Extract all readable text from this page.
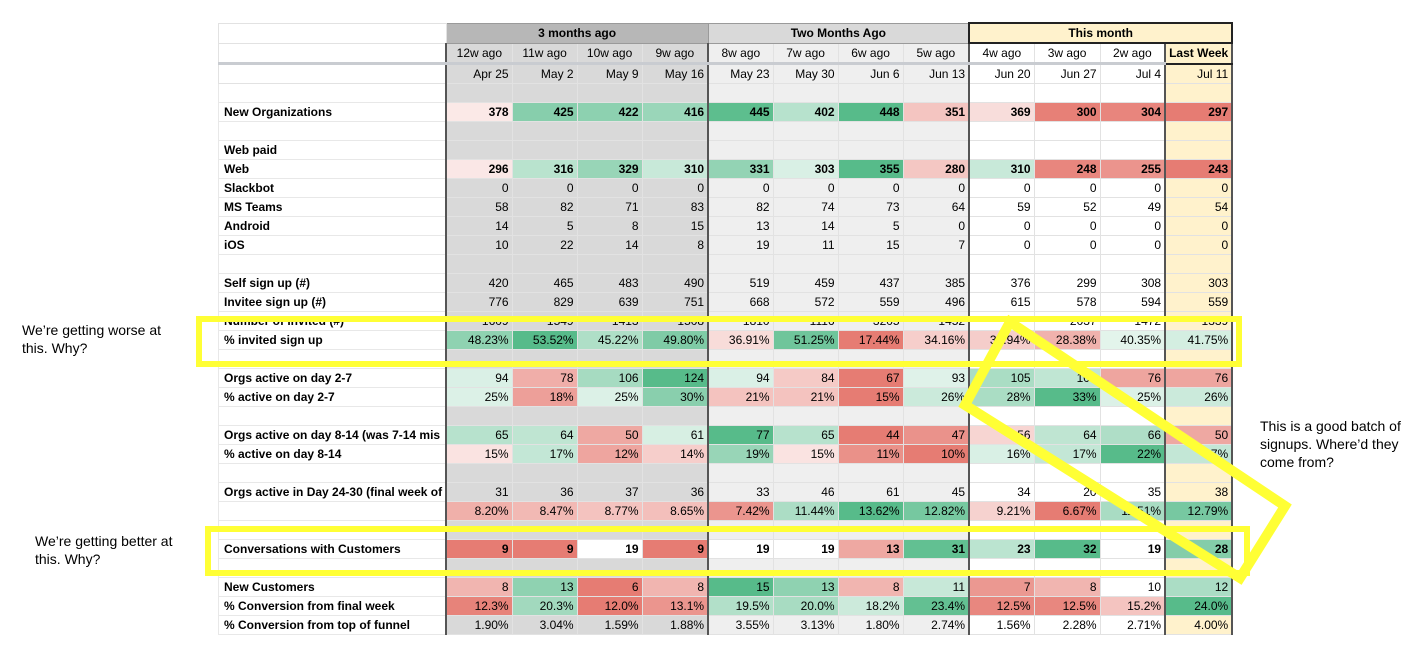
	3 months ago				Two Months Ago				This month			
	12w ago	11w ago	10w ago	9w ago	8w ago	7w ago	6w ago	5w ago	4w ago	3w ago	2w ago	Last Week
	Apr 25	May 2	May 9	May 16	May 23	May 30	Jun 6	Jun 13	Jun 20	Jun 27	Jul 4	Jul 11

New Organizations	378	425	422	416	445	402	448	351	369	300	304	297

Web paid												
Web	296	316	329	310	331	303	355	280	310	248	255	243
Slackbot	0	0	0	0	0	0	0	0	0	0	0	0
MS Teams	58	82	71	83	82	74	73	64	59	52	49	54
Android	14	5	8	15	13	14	5	0	0	0	0	0
iOS	10	22	14	8	19	11	15	7	0	0	0	0

Self sign up (#)	420	465	483	490	519	459	437	385	376	299	308	303
Invitee sign up (#)	776	829	639	751	668	572	559	496	615	578	594	559
Number of invited (#)	1609	1549	1413	1508	1810	1116	3205	1452		2037	1472	1339
% invited sign up	48.23%	53.52%	45.22%	49.80%	36.91%	51.25%	17.44%	34.16%	33.94%	28.38%	40.35%	41.75%

Orgs active on day 2-7	94	78	106	124	94	84	67	93	105	100	76	76
% active on day 2-7	25%	18%	25%	30%	21%	21%	15%	26%	28%	33%	25%	26%

Orgs active on day 8-14 (was 7-14 mis	65	64	50	61	77	65	44	47	56	64	66	50
% active on day 8-14	15%	17%	12%	14%	19%	15%	11%	10%	16%	17%	22%	17%

Orgs active in Day 24-30 (final week of	31	36	37	36	33	46	61	45	34	20	35	38
	8.20%	8.47%	8.77%	8.65%	7.42%	11.44%	13.62%	12.82%	9.21%	6.67%	11.51%	12.79%

Conversations with Customers	9	9	19	9	19	19	13	31	23	32	19	28

New Customers	8	13	6	8	15	13	8	11	7	8	10	12
% Conversion from final week	12.3%	20.3%	12.0%	13.1%	19.5%	20.0%	18.2%	23.4%	12.5%	12.5%	15.2%	24.0%
% Conversion from top of funnel	1.90%	3.04%	1.59%	1.88%	3.55%	3.13%	1.80%	2.74%	1.56%	2.28%	2.71%	4.00%
We’re getting worse at this. Why?
We’re getting better at this. Why?
This is a good batch of signups. Where’d they come from?
